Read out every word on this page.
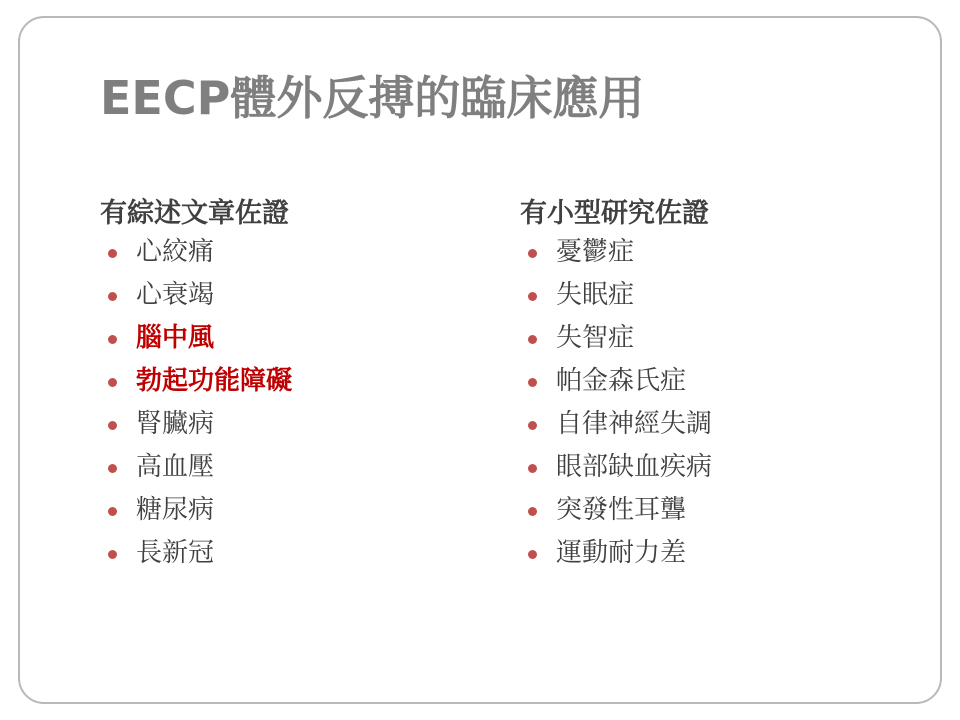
EECP體外反搏的臨床應用
有綜述文章佐證
心絞痛
心衰竭
腦中風
勃起功能障礙
腎臟病
高血壓
糖尿病
長新冠
有小型研究佐證
憂鬱症
失眠症
失智症
帕金森氏症
自律神經失調
眼部缺血疾病
突發性耳聾
運動耐力差
